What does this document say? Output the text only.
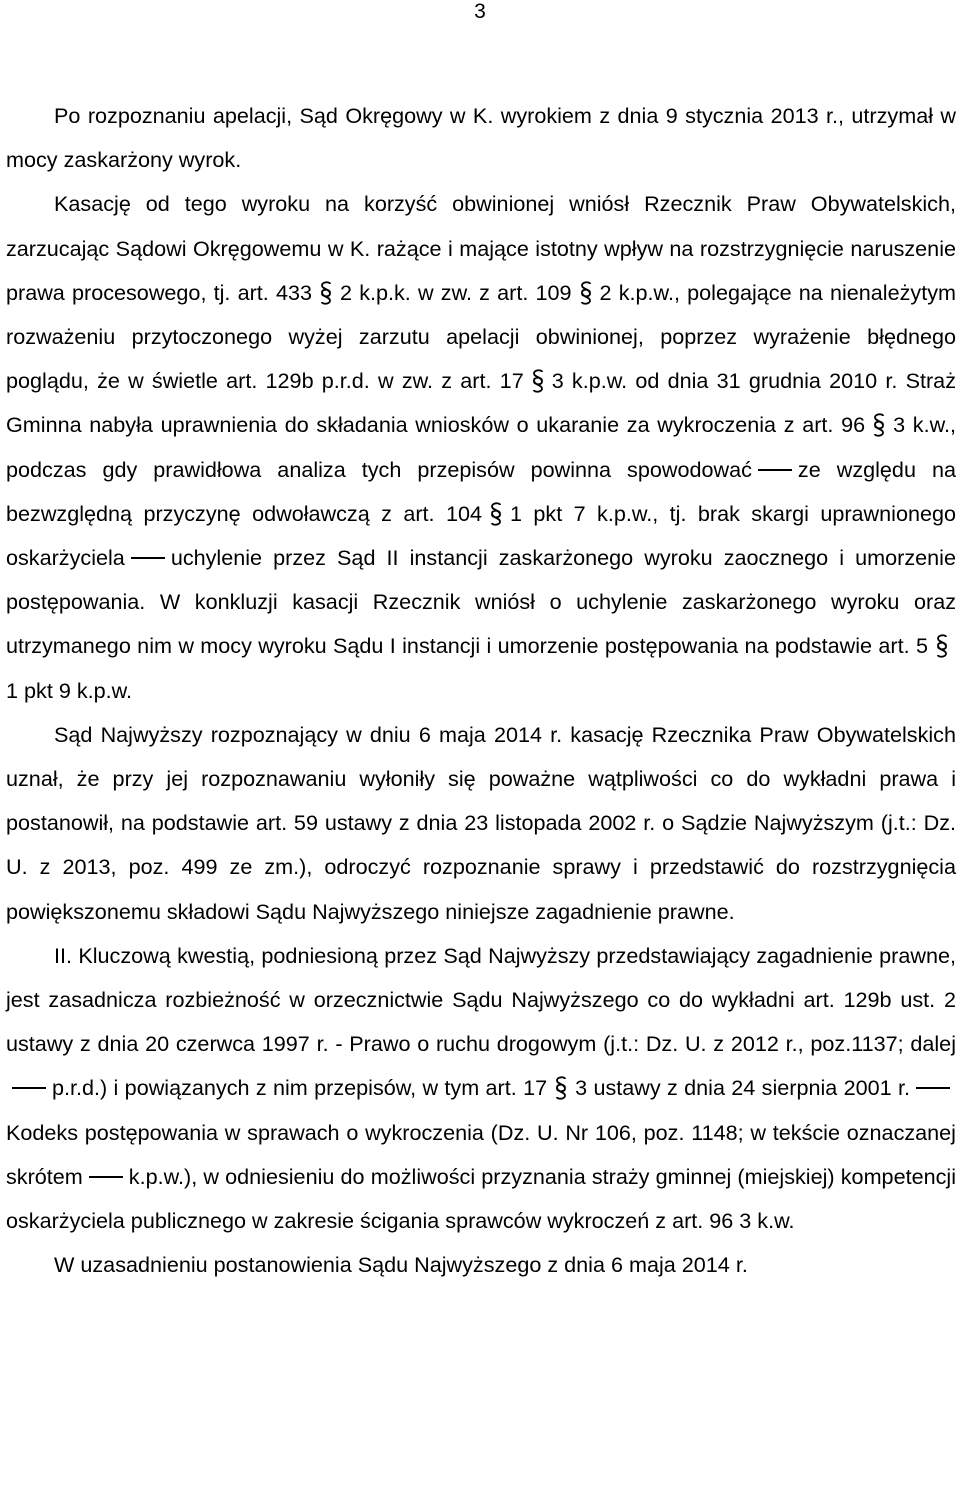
3

Po rozpoznaniu apelacji, Sąd Okręgowy w K. wyrokiem z dnia 9 stycznia 2013 r., utrzymał w mocy zaskarżony wyrok.

Kasację od tego wyroku na korzyść obwinionej wniósł Rzecznik Praw Obywatelskich, zarzucając Sądowi Okręgowemu w K. rażące i mające istotny wpływ na rozstrzygnięcie naruszenie prawa procesowego, tj. art. 433 2 k.p.k. w zw. z art. 109 2 k.p.w., polegające na nienależytym rozważeniu przytoczonego wyżej zarzutu apelacji obwinionej, poprzez wyrażenie błędnego poglądu, że w świetle art. 129b p.r.d. w zw. z art. 17 3 k.p.w. od dnia 31 grudnia 2010 r. Straż Gminna nabyła uprawnienia do składania wniosków o ukaranie za wykroczenia z art. 96 3 k.w., podczas gdy prawidłowa analiza tych przepisów powinna spowodować ze względu na bezwzględną przyczynę odwoławczą z art. 104 1 pkt 7 k.p.w., tj. brak skargi uprawnionego oskarżyciela uchylenie przez Sąd II instancji zaskarżonego wyroku zaocznego i umorzenie postępowania. W konkluzji kasacji Rzecznik wniósł o uchylenie zaskarżonego wyroku oraz utrzymanego nim w mocy wyroku Sądu I instancji i umorzenie postępowania na podstawie art. 5
1 pkt 9 k.p.w.

Sąd Najwyższy rozpoznający w dniu 6 maja 2014 r. kasację Rzecznika Praw Obywatelskich uznał, że przy jej rozpoznawaniu wyłoniły się poważne wątpliwości co do wykładni prawa i postanowił, na podstawie art. 59 ustawy z dnia 23 listopada 2002 r. o Sądzie Najwyższym (j.t.: Dz. U. z 2013, poz. 499 ze zm.), odroczyć rozpoznanie sprawy i przedstawić do rozstrzygnięcia powiększonemu składowi Sądu Najwyższego niniejsze zagadnienie prawne.

II. Kluczową kwestią, podniesioną przez Sąd Najwyższy przedstawiający zagadnienie prawne, jest zasadnicza rozbieżność w orzecznictwie Sądu Najwyższego co do wykładni art. 129b ust. 2 ustawy z dnia 20 czerwca 1997 r. - Prawo o ruchu drogowym (j.t.: Dz. U. z 2012 r., poz.1137; dalejp.r.d.) i powiązanych z nim przepisów, w tym art. 17 3 ustawy z dnia 24 sierpnia 2001 r.Kodeks postępowania w sprawach o wykroczenia (Dz. U. Nr 106, poz. 1148; w tekście oznaczanej skrótem k.p.w.), w odniesieniu do możliwości przyznania straży gminnej (miejskiej) kompetencji oskarżyciela publicznego w zakresie ścigania sprawców wykroczeń z art. 96 3 k.w.

W uzasadnieniu postanowienia Sądu Najwyższego z dnia 6 maja 2014 r.
